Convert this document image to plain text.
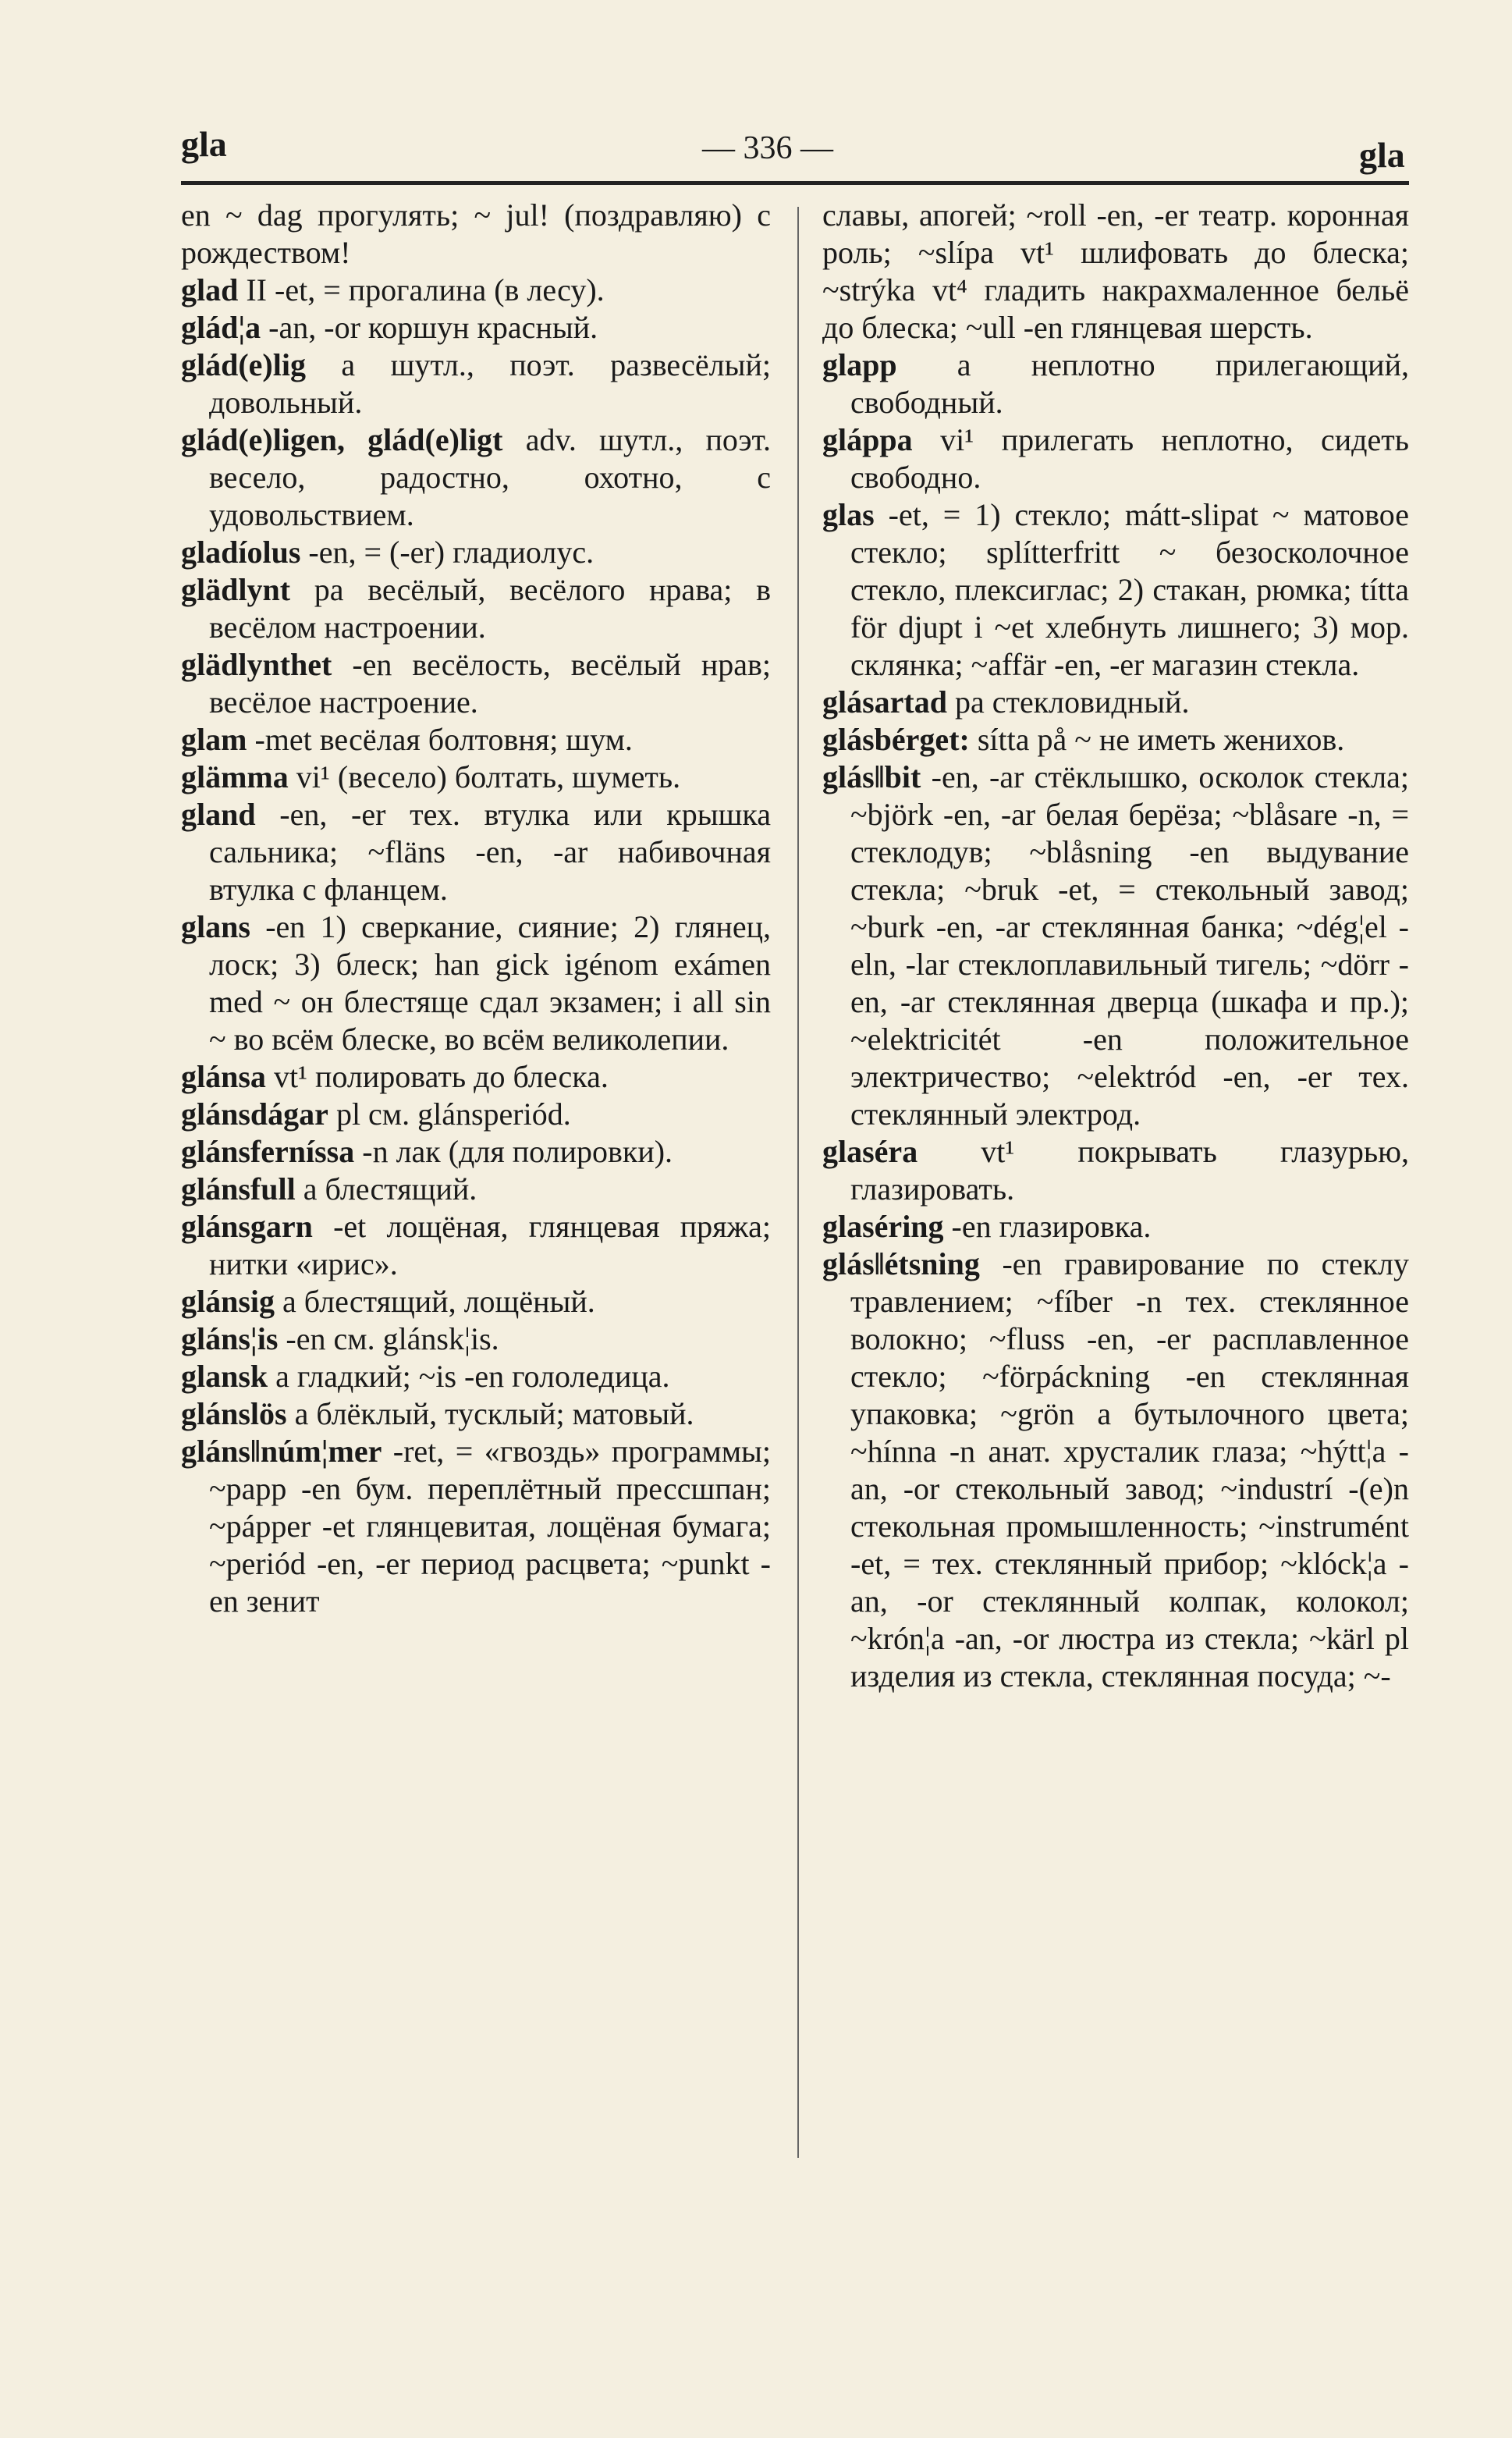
gla	— 336 —	gla

en ~ dag прогулять; ~ jul! (поздравляю) с рождеством!

glad II -et, = прогалина (в лесу).

glád¦a -an, -or коршун красный.

glád(e)lig a шутл., поэт. развесёлый; довольный.

glád(e)ligen, glád(e)ligt adv. шутл., поэт. весело, радостно, охотно, с удовольствием.

gladíolus -en, = (-er) гладиолус.

glädlynt pa весёлый, весёлого нрава; в весёлом настроении.

glädlynthet -en весёлость, весёлый нрав; весёлое настроение.

glam -met весёлая болтовня; шум.

glämma vi¹ (весело) болтать, шуметь.

gland -en, -er тех. втулка или крышка сальника; ~fläns -en, -ar набивочная втулка с фланцем.

glans -en 1) сверкание, сияние; 2) глянец, лоск; 3) блеск; han gick igénom exámen med ~ он блестяще сдал экзамен; i all sin ~ во всём блеске, во всём великолепии.

glánsa vt¹ полировать до блеска.

glánsdágar pl см. glánsperiód.

glánsferníssa -n лак (для полировки).

glánsfull a блестящий.

glánsgarn -et лощёная, глянцевая пряжа; нитки «ирис».

glánsig a блестящий, лощёный.

gláns¦is -en см. glánsk¦is.

glansk a гладкий; ~is -en гололедица.

glánslös a блёклый, тусклый; матовый.

gláns‖núm¦mer -ret, = «гвоздь» программы; ~papp -en бум. переплётный прессшпан; ~pápper -et глянцевитая, лощёная бумага; ~periód -en, -er период расцвета; ~punkt -en зенит

славы, апогей; ~roll -en, -er театр. коронная роль; ~slípa vt¹ шлифовать до блеска; ~strýka vt⁴ гладить накрахмаленное бельё до блеска; ~ull -en глянцевая шерсть.

glapp a неплотно прилегающий, свободный.

gláppa vi¹ прилегать неплотно, сидеть свободно.

glas -et, = 1) стекло; mátt-slipat ~ матовое стекло; splítterfritt ~ безосколочное стекло, плексиглас; 2) стакан, рюмка; títta för djupt i ~et хлебнуть лишнего; 3) мор. склянка; ~affär -en, -er магазин стекла.

glásartad pa стекловидный.

glásbérget: sítta på ~ не иметь женихов.

glás‖bit -en, -ar стёклышко, осколок стекла; ~björk -en, -ar белая берёза; ~blåsare -n, = стеклодув; ~blåsning -en выдувание стекла; ~bruk -et, = стекольный завод; ~burk -en, -ar стеклянная банка; ~dég¦el -eln, -lar стеклоплавильный тигель; ~dörr -en, -ar стеклянная дверца (шкафа и пр.); ~elektricitét -en положительное электричество; ~elektród -en, -er тех. стеклянный электрод.

glaséra vt¹ покрывать глазурью, глазировать.

glaséring -en глазировка.

glás‖étsning -en гравирование по стеклу травлением; ~fíber -n тех. стеклянное волокно; ~fluss -en, -er расплавленное стекло; ~förpáckning -en стеклянная упаковка; ~grön a бутылочного цвета; ~hínna -n анат. хрусталик глаза; ~hýtt¦a -an, -or стекольный завод; ~industrí -(e)n стекольная промышленность; ~instrumént -et, = тех. стеклянный прибор; ~klóck¦a -an, -or стеклянный колпак, колокол; ~krón¦a -an, -or люстра из стекла; ~kärl pl изделия из стекла, стеклянная посуда; ~-
